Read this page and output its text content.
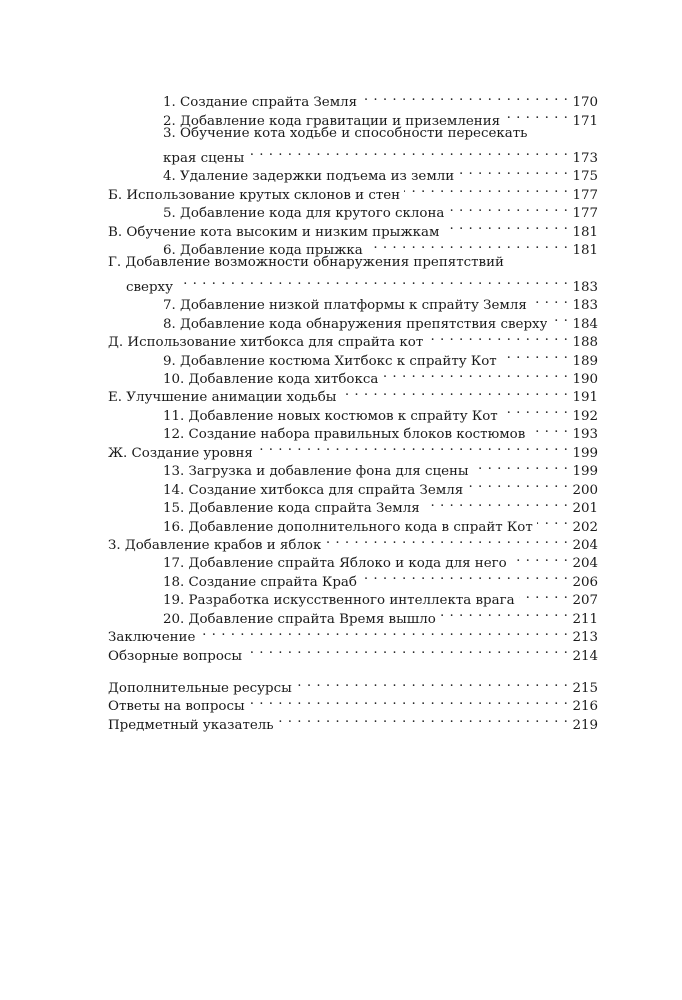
1. Создание спрайта Земля . . .	170
2. Добавление кода гравитации и приземления . . .	171
3. Обучение кота ходьбе и способности пересекать
края сцены . . .	173
4. Удаление задержки подъема из земли . . .	175
Б. Использование крутых склонов и стен . . .	177
5. Добавление кода для крутого склона . . .	177
В. Обучение кота высоким и низким прыжкам . . .	181
6. Добавление кода прыжка . . .	181
Г. Добавление возможности обнаружения препятствий
сверху . . .	183
7. Добавление низкой платформы к спрайту Земля . . .	183
8. Добавление кода обнаружения препятствия сверху . . . 184
Д. Использование хитбокса для спрайта кот . . .	188
9. Добавление костюма Хитбокс к спрайту Кот . . .	189
10. Добавление кода хитбокса . . .	190
Е. Улучшение анимации ходьбы . . .	191
11. Добавление новых костюмов к спрайту Кот . . .	192
12. Создание набора правильных блоков костюмов . . .	193
Ж. Создание уровня . . .	199
13. Загрузка и добавление фона для сцены . . .	199
14. Создание хитбокса для спрайта Земля . . .	200
15. Добавление кода спрайта Земля . . .	201
16. Добавление дополнительного кода в спрайт Кот . . .	202
З. Добавление крабов и яблок . . .	204
17. Добавление спрайта Яблоко и кода для него . . .	204
18. Создание спрайта Краб . . .	206
19. Разработка искусственного интеллекта врага . . .	207
20. Добавление спрайта Время вышло . . .	211
Заключение . . .	213
Обзорные вопросы . . .	214
Дополнительные ресурсы . . .	215
Ответы на вопросы . . .	216
Предметный указатель . . .	219
